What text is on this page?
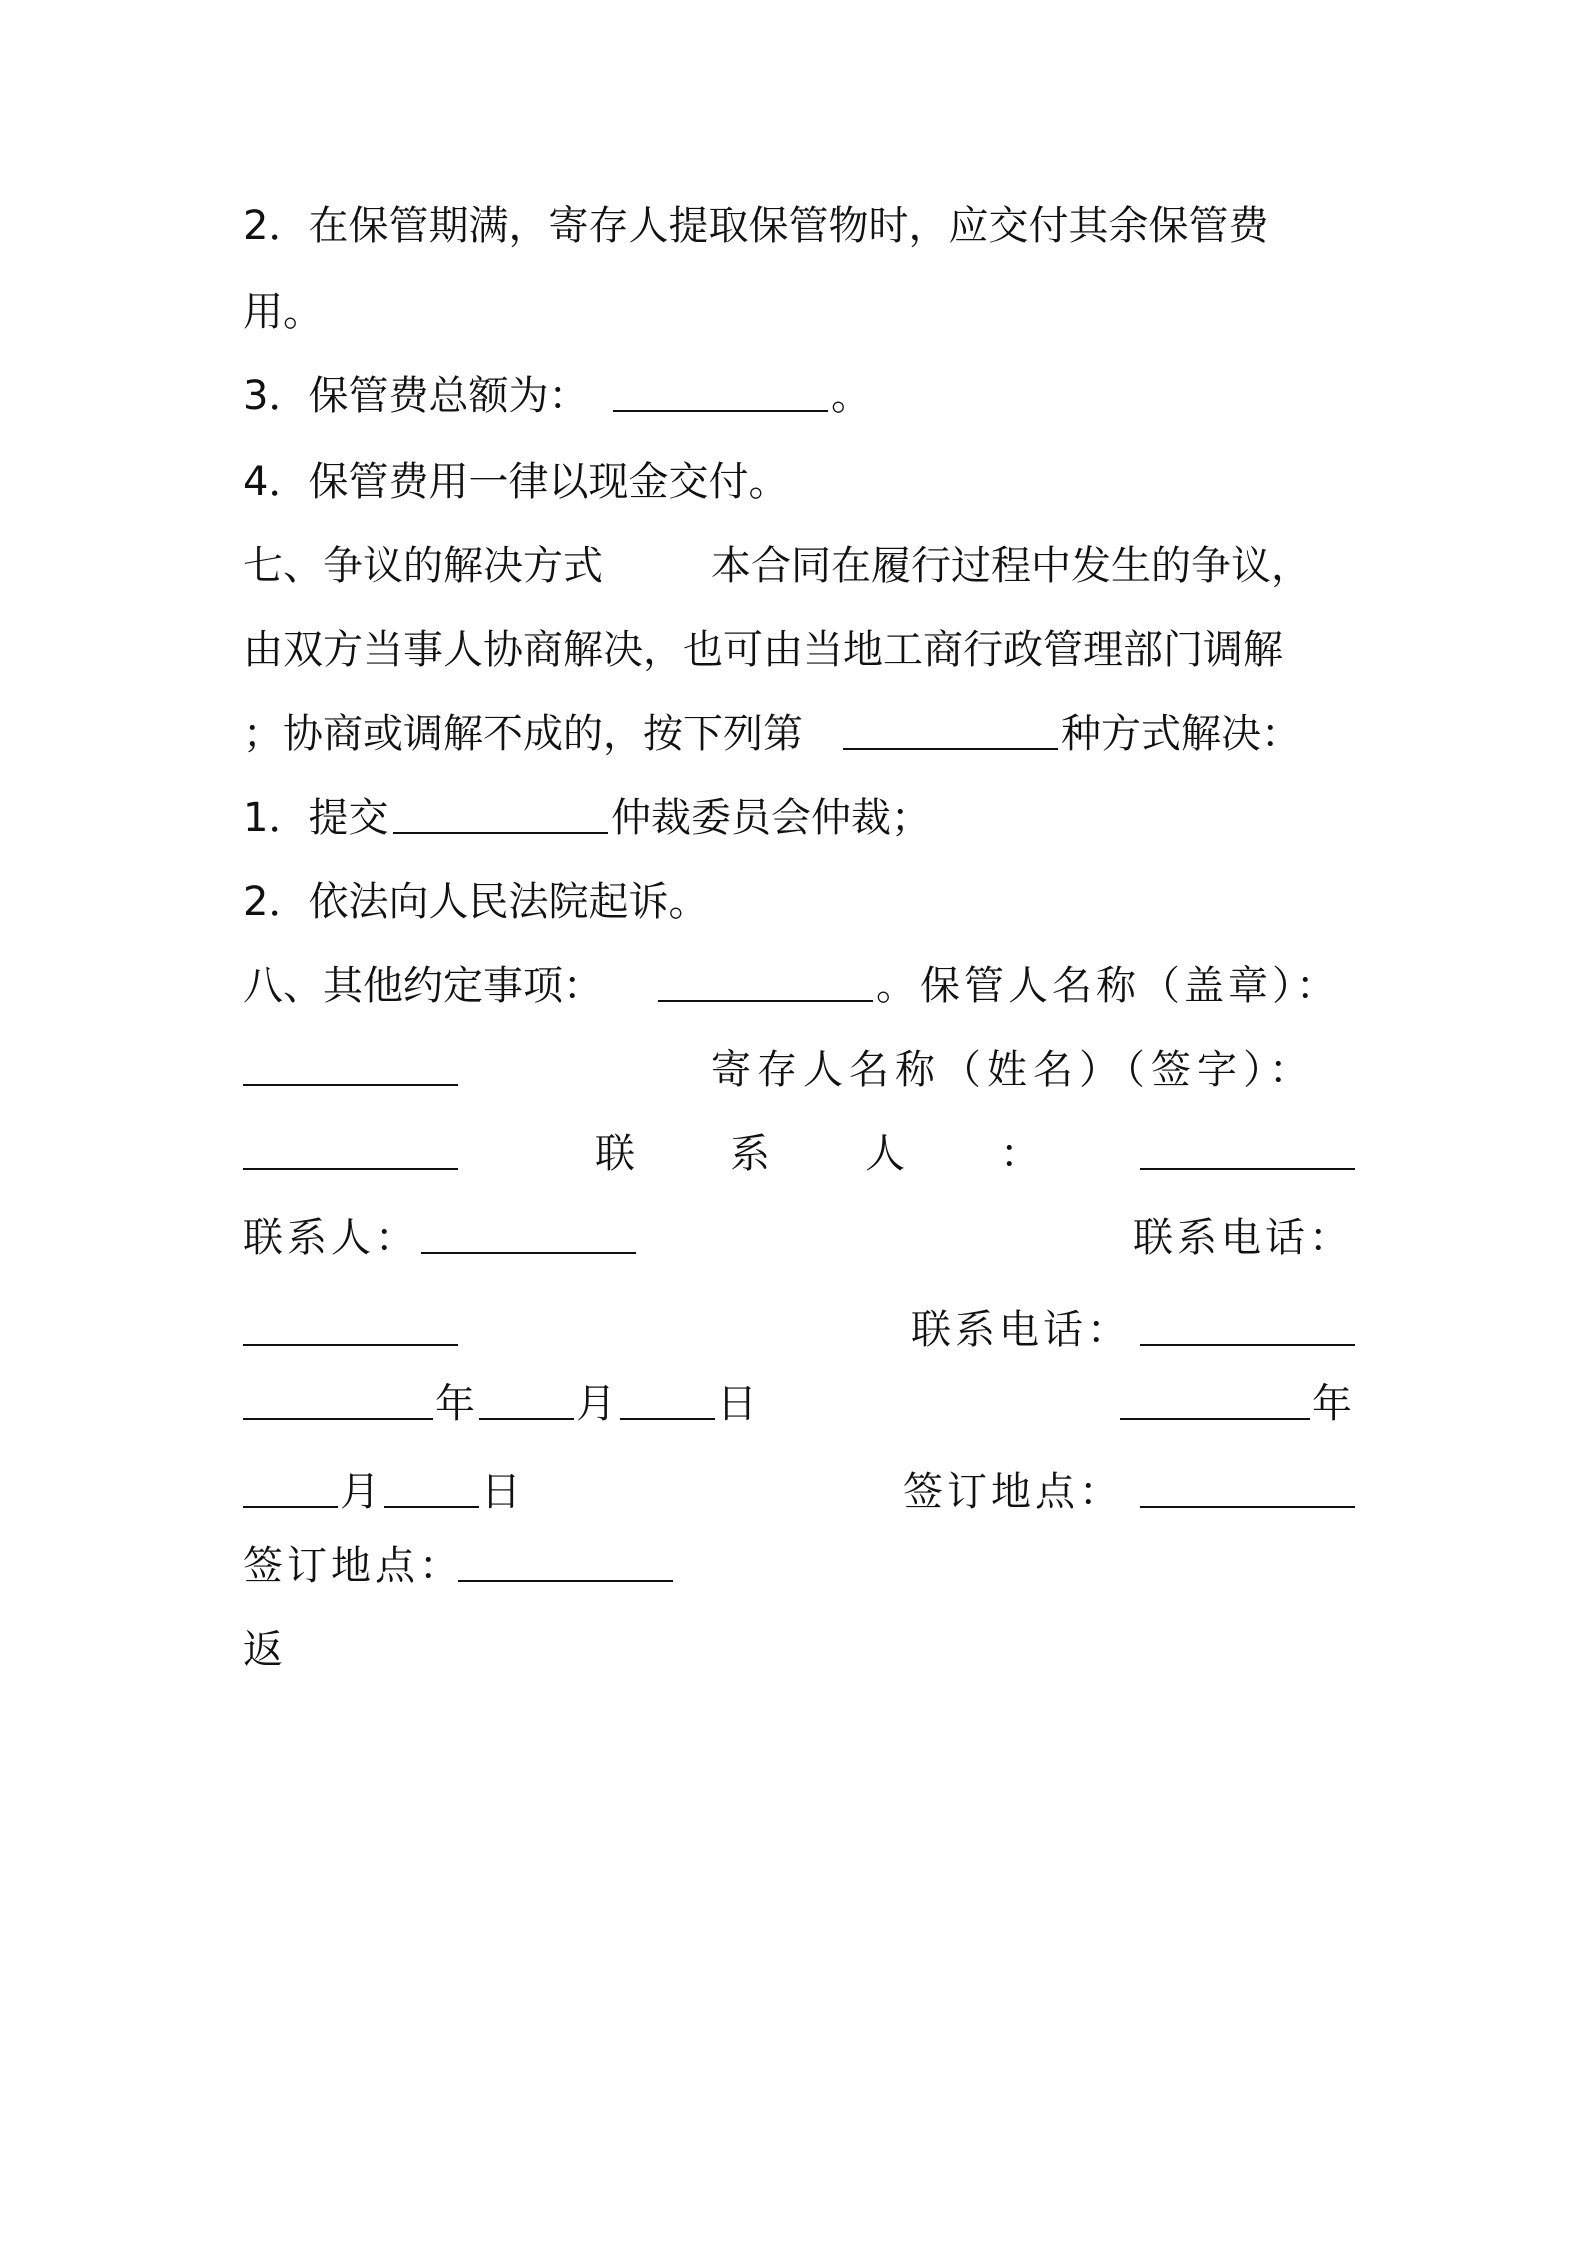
2．在保管期满，寄存人提取保管物时，应交付其余保管费
用。
3．保管费总额为：	。
4．保管费用一律以现金交付。
七、争议的解决方式	本合同在履行过程中发生的争议，
由双方当事人协商解决，也可由当地工商行政管理部门调解
；协商或调解不成的，按下列第	种方式解决：
1．提交	仲裁委员会仲裁；
2．依法向人民法院起诉。
八、其他约定事项：	。保管人名称（盖章）：
寄存人名称（姓名）（签字）：
联 系 人 ：
联系人：	联系电话：
联系电话：
年	月	日	年
月	日	签订地点：
签订地点：
返
